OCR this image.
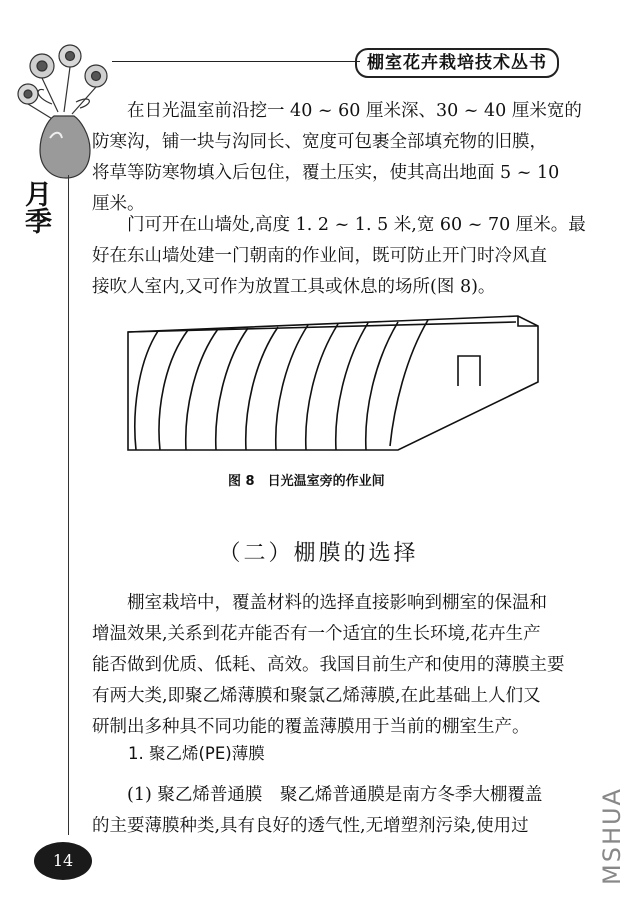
棚室花卉栽培技术丛书
月季

在日光温室前沿挖一 40 ~ 60 厘米深、30 ~ 40 厘米宽的
防寒沟，铺一块与沟同长、宽度可包裹全部填充物的旧膜，
将草等防寒物填入后包住，覆土压实，使其高出地面 5 ~ 10
厘米。

门可开在山墙处,高度 1. 2 ~ 1. 5 米,宽 60 ~ 70 厘米。最
好在东山墙处建一门朝南的作业间，既可防止开门时冷风直
接吹人室内,又可作为放置工具或休息的场所(图 8)。

图 8　日光温室旁的作业间
（二）棚膜的选择

棚室栽培中，覆盖材料的选择直接影响到棚室的保温和
增温效果,关系到花卉能否有一个适宜的生长环境,花卉生产
能否做到优质、低耗、高效。我国目前生产和使用的薄膜主要
有两大类,即聚乙烯薄膜和聚氯乙烯薄膜,在此基础上人们又
研制出多种具不同功能的覆盖薄膜用于当前的棚室生产。

1. 聚乙烯(PE)薄膜

(1) 聚乙烯普通膜　聚乙烯普通膜是南方冬季大棚覆盖
的主要薄膜种类,具有良好的透气性,无增塑剂污染,使用过

14	MSHUA
